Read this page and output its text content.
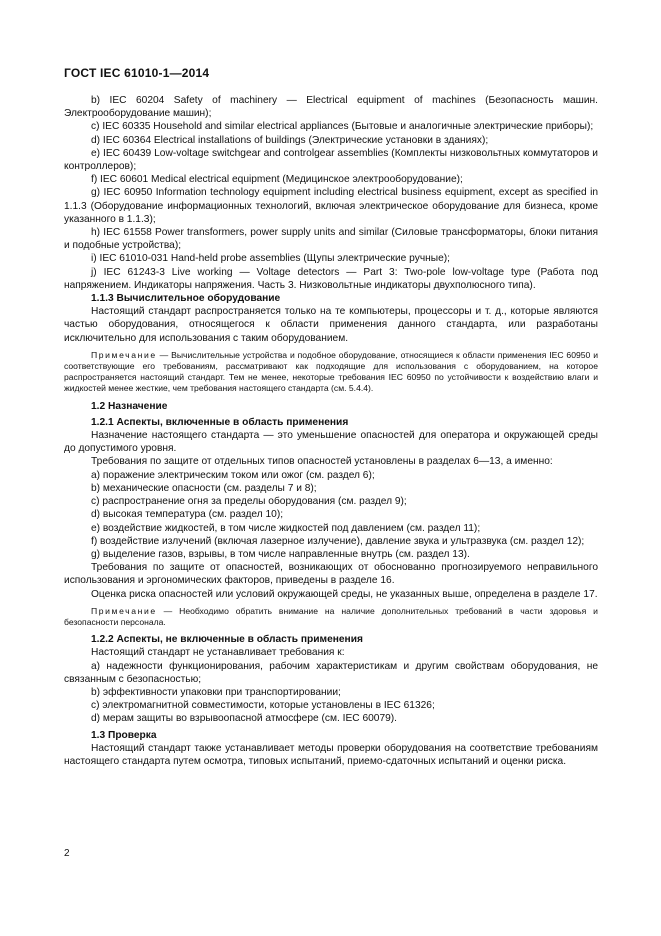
ГОСТ IEC 61010-1—2014

b) IEC 60204 Safety of machinery — Electrical equipment of machines (Безопасность машин. Электрооборудование машин);

c) IEC 60335 Household and similar electrical appliances (Бытовые и аналогичные электрические приборы);

d) IEC 60364 Electrical installations of buildings (Электрические установки в зданиях);

e) IEC 60439 Low-voltage switchgear and controlgear assemblies (Комплекты низковольтных коммутаторов и контроллеров);

f) IEC 60601 Medical electrical equipment (Медицинское электрооборудование);

g) IEC 60950 Information technology equipment including electrical business equipment, except as specified in 1.1.3 (Оборудование информационных технологий, включая электрическое оборудование для бизнеса, кроме указанного в 1.1.3);

h) IEC 61558 Power transformers, power supply units and similar (Силовые трансформаторы, блоки питания и подобные устройства);

i) IEC 61010-031 Hand-held probe assemblies (Щупы электрические ручные);

j) IEC 61243-3 Live working — Voltage detectors — Part 3: Two-pole low-voltage type (Работа под напряжением. Индикаторы напряжения. Часть 3. Низковольтные индикаторы двухполюсного типа).

1.1.3 Вычислительное оборудование

Настоящий стандарт распространяется только на те компьютеры, процессоры и т. д., которые являются частью оборудования, относящегося к области применения данного стандарта, или разработаны исключительно для использования с таким оборудованием.

Примечание — Вычислительные устройства и подобное оборудование, относящиеся к области применения IEC 60950 и соответствующие его требованиям, рассматривают как подходящие для использования с оборудованием, на которое распространяется настоящий стандарт. Тем не менее, некоторые требования IEC 60950 по устойчивости к воздействию влаги и жидкостей менее жесткие, чем требования настоящего стандарта (см. 5.4.4).

1.2 Назначение

1.2.1 Аспекты, включенные в область применения

Назначение настоящего стандарта — это уменьшение опасностей для оператора и окружающей среды до допустимого уровня.

Требования по защите от отдельных типов опасностей установлены в разделах 6—13, а именно:

a) поражение электрическим током или ожог (см. раздел 6);

b) механические опасности (см. разделы 7 и 8);

c) распространение огня за пределы оборудования (см. раздел 9);

d) высокая температура (см. раздел 10);

e) воздействие жидкостей, в том числе жидкостей под давлением (см. раздел 11);

f) воздействие излучений (включая лазерное излучение), давление звука и ультразвука (см. раздел 12);

g) выделение газов, взрывы, в том числе направленные внутрь (см. раздел 13).

Требования по защите от опасностей, возникающих от обоснованно прогнозируемого неправильного использования и эргономических факторов, приведены в разделе 16.

Оценка риска опасностей или условий окружающей среды, не указанных выше, определена в разделе 17.

Примечание — Необходимо обратить внимание на наличие дополнительных требований в части здоровья и безопасности персонала.

1.2.2 Аспекты, не включенные в область применения

Настоящий стандарт не устанавливает требования к:

a) надежности функционирования, рабочим характеристикам и другим свойствам оборудования, не связанным с безопасностью;

b) эффективности упаковки при транспортировании;

c) электромагнитной совместимости, которые установлены в IEC 61326;

d) мерам защиты во взрывоопасной атмосфере (см. IEC 60079).

1.3 Проверка

Настоящий стандарт также устанавливает методы проверки оборудования на соответствие требованиям настоящего стандарта путем осмотра, типовых испытаний, приемо-сдаточных испытаний и оценки риска.

2
